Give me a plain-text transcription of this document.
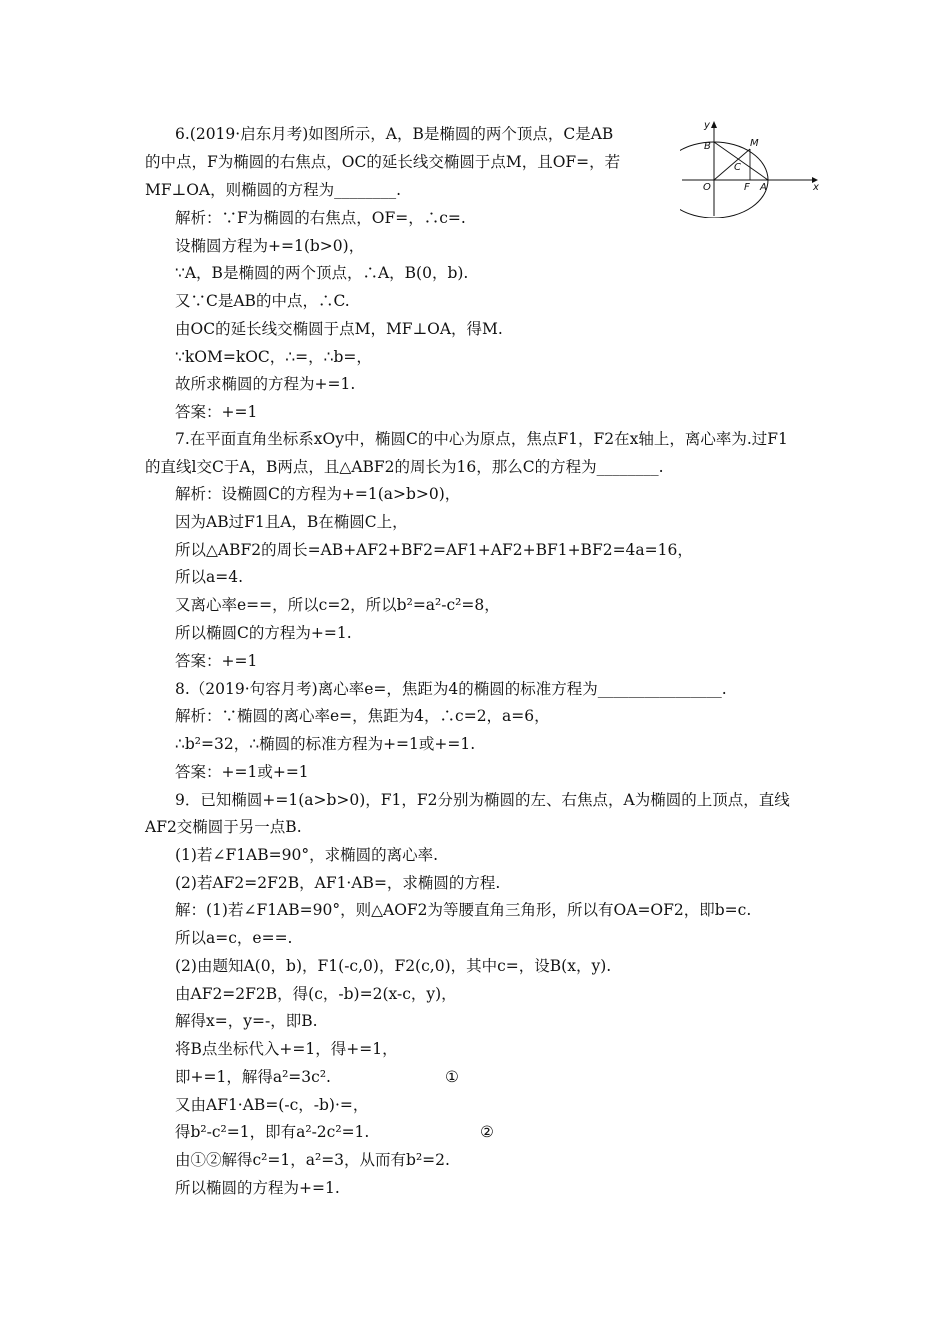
6.(2019·启东月考)如图所示，A，B是椭圆的两个顶点，C是AB
的中点，F为椭圆的右焦点，OC的延长线交椭圆于点M，且OF=，若
MF⊥OA，则椭圆的方程为________.
解析：∵F为椭圆的右焦点，OF=，∴c=.
设椭圆方程为+=1(b>0)，
∵A，B是椭圆的两个顶点，∴A，B(0，b).
又∵C是AB的中点，∴C.
由OC的延长线交椭圆于点M，MF⊥OA，得M.
∵kOM=kOC，∴=，∴b=，
故所求椭圆的方程为+=1.
答案：+=1
7.在平面直角坐标系xOy中，椭圆C的中心为原点，焦点F1，F2在x轴上，离心率为.过F1
的直线l交C于A，B两点，且△ABF2的周长为16，那么C的方程为________.
解析：设椭圆C的方程为+=1(a>b>0)，
因为AB过F1且A，B在椭圆C上，
所以△ABF2的周长=AB+AF2+BF2=AF1+AF2+BF1+BF2=4a=16，
所以a=4.
又离心率e==，所以c=2，所以b²=a²-c²=8，
所以椭圆C的方程为+=1.
答案：+=1
8.（2019·句容月考)离心率e=，焦距为4的椭圆的标准方程为________________.
解析：∵椭圆的离心率e=，焦距为4，∴c=2，a=6，
∴b²=32，∴椭圆的标准方程为+=1或+=1.
答案：+=1或+=1
9．已知椭圆+=1(a>b>0)，F1，F2分别为椭圆的左、右焦点，A为椭圆的上顶点，直线
AF2交椭圆于另一点B.
(1)若∠F1AB=90°，求椭圆的离心率.
(2)若AF2=2F2B，AF1·AB=，求椭圆的方程.
解：(1)若∠F1AB=90°，则△AOF2为等腰直角三角形，所以有OA=OF2，即b=c.
所以a=c，e==.
(2)由题知A(0，b)，F1(-c,0)，F2(c,0)，其中c=，设B(x，y).
由AF2=2F2B，得(c，-b)=2(x-c，y)，
解得x=，y=-，即B.
将B点坐标代入+=1，得+=1，
即+=1，解得a²=3c².	①
又由AF1·AB=(-c，-b)·=，
得b²-c²=1，即有a²-2c²=1.	②
由①②解得c²=1，a²=3，从而有b²=2.
所以椭圆的方程为+=1.
y
x
B	M
C
O	F A
